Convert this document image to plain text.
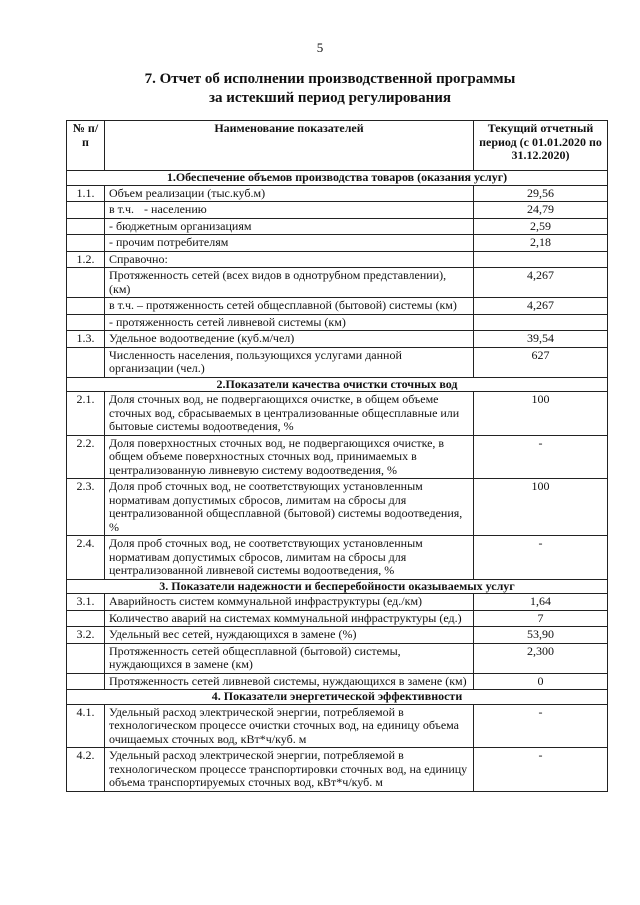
5
7. Отчет об исполнении производственной программы
за истекший период регулирования
№ п/п	Наименование показателей	Текущий отчетный период (с 01.01.2020 по 31.12.2020)
1.Обеспечение объемов производства товаров (оказания услуг)		
1.1.	Объем реализации (тыс.куб.м)	29,56
	в т.ч. - населению	24,79
	- бюджетным организациям	2,59
	- прочим потребителям	2,18
1.2.	Справочно:	
	Протяженность сетей (всех видов в однотрубном представлении), (км)	4,267
	в т.ч. – протяженность сетей общесплавной (бытовой) системы (км)	4,267
	- протяженность сетей ливневой системы (км)	
1.3.	Удельное водоотведение (куб.м/чел)	39,54
	Численность населения, пользующихся услугами данной организации (чел.)	627
2.Показатели качества очистки сточных вод		
2.1.	Доля сточных вод, не подвергающихся очистке, в общем объеме сточных вод, сбрасываемых в централизованные общесплавные или бытовые системы водоотведения, %	100
2.2.	Доля поверхностных сточных вод, не подвергающихся очистке, в общем объеме поверхностных сточных вод, принимаемых в централизованную ливневую систему водоотведения, %	-
2.3.	Доля проб сточных вод, не соответствующих установленным нормативам допустимых сбросов, лимитам на сбросы для централизованной общесплавной (бытовой) системы водоотведения, %	100
2.4.	Доля проб сточных вод, не соответствующих установленным нормативам допустимых сбросов, лимитам на сбросы для централизованной ливневой системы водоотведения, %	-
3. Показатели надежности и бесперебойности оказываемых услуг		
3.1.	Аварийность систем коммунальной инфраструктуры (ед./км)	1,64
	Количество аварий на системах коммунальной инфраструктуры (ед.)	7
3.2.	Удельный вес сетей, нуждающихся в замене (%)	53,90
	Протяженность сетей общесплавной (бытовой) системы, нуждающихся в замене (км)	2,300
	Протяженность сетей ливневой системы, нуждающихся в замене (км)	0
4. Показатели энергетической эффективности		
4.1.	Удельный расход электрической энергии, потребляемой в технологическом процессе очистки сточных вод, на единицу объема очищаемых сточных вод, кВт*ч/куб. м	-
4.2.	Удельный расход электрической энергии, потребляемой в технологическом процессе транспортировки сточных вод, на единицу объема транспортируемых сточных вод, кВт*ч/куб. м	-
